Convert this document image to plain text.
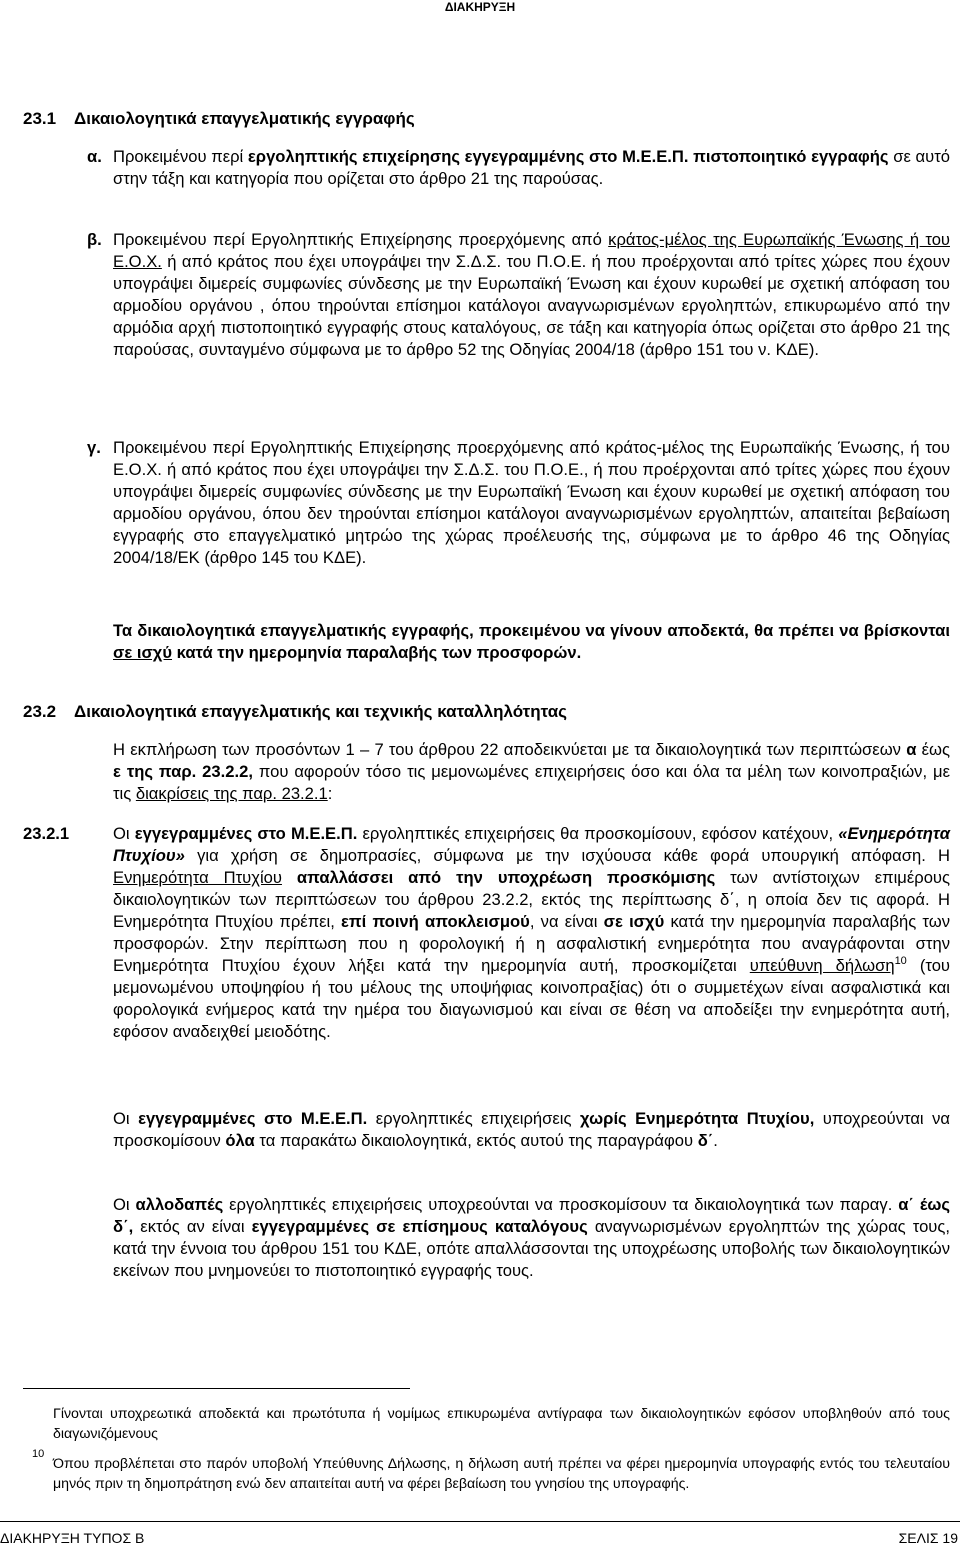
ΔΙΑΚΗΡΥΞΗ
23.1 Δικαιολογητικά επαγγελματικής εγγραφής
α. Προκειμένου περί εργοληπτικής επιχείρησης εγγεγραμμένης στο Μ.Ε.Ε.Π. πιστοποιητικό εγγραφής σε αυτό στην τάξη και κατηγορία που ορίζεται στο άρθρο 21 της παρούσας.
β. Προκειμένου περί Εργοληπτικής Επιχείρησης προερχόμενης από κράτος-μέλος της Ευρωπαϊκής Ένωσης ή του Ε.Ο.Χ. ή από κράτος που έχει υπογράψει την Σ.Δ.Σ. του Π.Ο.Ε. ή που προέρχονται από τρίτες χώρες που έχουν υπογράψει διμερείς συμφωνίες σύνδεσης με την Ευρωπαϊκή Ένωση και έχουν κυρωθεί με σχετική απόφαση του αρμοδίου οργάνου , όπου τηρούνται επίσημοι κατάλογοι αναγνωρισμένων εργοληπτών, επικυρωμένο από την αρμόδια αρχή πιστοποιητικό εγγραφής στους καταλόγους, σε τάξη και κατηγορία όπως ορίζεται στο άρθρο 21 της παρούσας, συνταγμένο σύμφωνα με το άρθρο 52 της Οδηγίας 2004/18 (άρθρο 151 του ν. ΚΔΕ).
γ. Προκειμένου περί Εργοληπτικής Επιχείρησης προερχόμενης από κράτος-μέλος της Ευρωπαϊκής Ένωσης, ή του Ε.Ο.Χ. ή από κράτος που έχει υπογράψει την Σ.Δ.Σ. του Π.Ο.Ε., ή που προέρχονται από τρίτες χώρες που έχουν υπογράψει διμερείς συμφωνίες σύνδεσης με την Ευρωπαϊκή Ένωση και έχουν κυρωθεί με σχετική απόφαση του αρμοδίου οργάνου, όπου δεν τηρούνται επίσημοι κατάλογοι αναγνωρισμένων εργοληπτών, απαιτείται βεβαίωση εγγραφής στο επαγγελματικό μητρώο της χώρας προέλευσής της, σύμφωνα με το άρθρο 46 της Οδηγίας 2004/18/ΕΚ (άρθρο 145 του ΚΔΕ).
Τα δικαιολογητικά επαγγελματικής εγγραφής, προκειμένου να γίνουν αποδεκτά, θα πρέπει να βρίσκονται σε ισχύ κατά την ημερομηνία παραλαβής των προσφορών.
23.2 Δικαιολογητικά επαγγελματικής και τεχνικής καταλληλότητας
Η εκπλήρωση των προσόντων 1 – 7 του άρθρου 22 αποδεικνύεται με τα δικαιολογητικά των περιπτώσεων α έως ε της παρ. 23.2.2, που αφορούν τόσο τις μεμονωμένες επιχειρήσεις όσο και όλα τα μέλη των κοινοπραξιών, με τις διακρίσεις της παρ. 23.2.1:
23.2.1	Οι εγγεγραμμένες στο Μ.Ε.Ε.Π. εργοληπτικές επιχειρήσεις θα προσκομίσουν, εφόσον κατέχουν, «Ενημερότητα Πτυχίου» για χρήση σε δημοπρασίες, σύμφωνα με την ισχύουσα κάθε φορά υπουργική απόφαση. Η Ενημερότητα Πτυχίου απαλλάσσει από την υποχρέωση προσκόμισης των αντίστοιχων επιμέρους δικαιολογητικών των περιπτώσεων του άρθρου 23.2.2, εκτός της περίπτωσης δ΄, η οποία δεν τις αφορά. Η Ενημερότητα Πτυχίου πρέπει, επί ποινή αποκλεισμού, να είναι σε ισχύ κατά την ημερομηνία παραλαβής των προσφορών. Στην περίπτωση που η φορολογική ή η ασφαλιστική ενημερότητα που αναγράφονται στην Ενημερότητα Πτυχίου έχουν λήξει κατά την ημερομηνία αυτή, προσκομίζεται υπεύθυνη δήλωση$^{10}$ (του μεμονωμένου υποψηφίου ή του μέλους της υποψήφιας κοινοπραξίας) ότι ο συμμετέχων είναι ασφαλιστικά και φορολογικά ενήμερος κατά την ημέρα του διαγωνισμού και είναι σε θέση να αποδείξει την ενημερότητα αυτή, εφόσον αναδειχθεί μειοδότης.
Οι εγγεγραμμένες στο Μ.Ε.Ε.Π. εργοληπτικές επιχειρήσεις χωρίς Ενημερότητα Πτυχίου, υποχρεούνται να προσκομίσουν όλα τα παρακάτω δικαιολογητικά, εκτός αυτού της παραγράφου δ΄.
Οι αλλοδαπές εργοληπτικές επιχειρήσεις υποχρεούνται να προσκομίσουν τα δικαιολογητικά των παραγ. α΄ έως δ΄, εκτός αν είναι εγγεγραμμένες σε επίσημους καταλόγους αναγνωρισμένων εργοληπτών της χώρας τους, κατά την έννοια του άρθρου 151 του ΚΔΕ, οπότε απαλλάσσονται της υποχρέωσης υποβολής των δικαιολογητικών εκείνων που μνημονεύει το πιστοποιητικό εγγραφής τους.
Γίνονται υποχρεωτικά αποδεκτά και πρωτότυπα ή νομίμως επικυρωμένα αντίγραφα των δικαιολογητικών εφόσον υποβληθούν από τους διαγωνιζόμενους
10
Όπου προβλέπεται στο παρόν υποβολή Υπεύθυνης Δήλωσης, η δήλωση αυτή πρέπει να φέρει ημερομηνία υπογραφής εντός του τελευταίου μηνός πριν τη δημοπράτηση ενώ δεν απαιτείται αυτή να φέρει βεβαίωση του γνησίου της υπογραφής.
ΔΙΑΚΗΡΥΞΗ ΤΥΠΟΣ Β	ΣΕΛΙΣ 19
